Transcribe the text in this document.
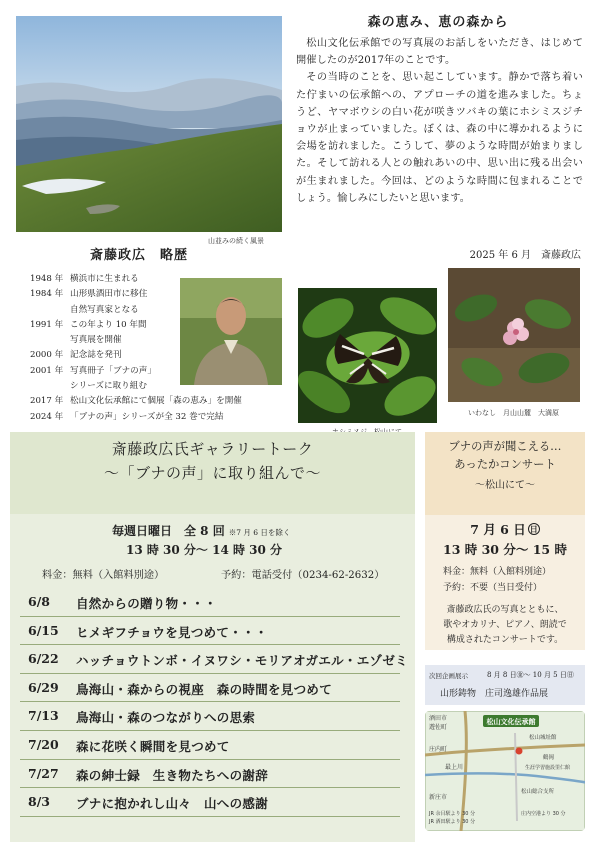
山並みの続く風景
森の恵み、恵の森から

松山文化伝承館での写真展のお話しをいただき、はじめて開催したのが2017年のことです。

その当時のことを、思い起こしています。静かで落ち着いた佇まいの伝承館への、アプローチの道を進みました。ちょうど、ヤマボウシの白い花が咲きツバキの葉にホシミスジチョウが止まっていました。ぼくは、森の中に導かれるように会場を訪れました。こうして、夢のような時間が始まりました。そして訪れる人との触れあいの中、思い出に残る出会いが生まれました。今回は、どのような時間に包まれることでしょう。愉しみにしたいと思います。

2025 年 6 月　斎藤政広
斎藤政広　略歴
1948 年 横浜市に生まれる
1984 年 山形県酒田市に移住
自然写真家となる
1991 年 この年より 10 年間
写真展を開催
2000 年 記念誌を発刊
2001 年 写真冊子「ブナの声」
シリーズに取り組む
2017 年 松山文化伝承館にて個展「森の恵み」を開催
2024 年 「ブナの声」シリーズが全 32 巻で完結	いわなし　月山山麓　大満原
斎藤政広氏ギャラリートーク
～「ブナの声」に取り組んで～
毎週日曜日　全 8 回 ※7 月 6 日を除く
13 時 30 分～ 14 時 30 分
料金：無料（入館料別途）	予約：電話受付（0234-62-2632）
6/8 自然からの贈り物・・・
6/15 ヒメギフチョウを見つめて・・・
6/22 ハッチョウトンボ・イヌワシ・モリアオガエル・エゾゼミ
6/29 鳥海山・森からの視座　森の時間を見つめて
7/13 鳥海山・森のつながりへの思索
7/20 森に花咲く瞬間を見つめて
7/27 森の紳士録　生き物たちへの謝辞
8/3 ブナに抱かれし山々　山への感謝
ブナの声が聞こえる…
あったかコンサート
～松山にて～
7 月 6 日 日
13 時 30 分～ 15 時
料金：無料（入館料別途）
予約：不要（当日受付）
斎藤政広氏の写真とともに、
歌やオカリナ、ピアノ、朗読で
構成されたコンサートです。
次回企画展示	8 月 8 日㊎～ 10 月 5 日㊐
山形鋳物　庄司逸雄作品展
松山文化伝承館
酒田市
遊佐町
庄内町
最上川
新庄市
松山城址館
松山総合支所
鶴岡
生涯学習施設里仁館
JR 余目駅より 30 分
JR 酒田駅より 30 分
庄内空港より 30 分
